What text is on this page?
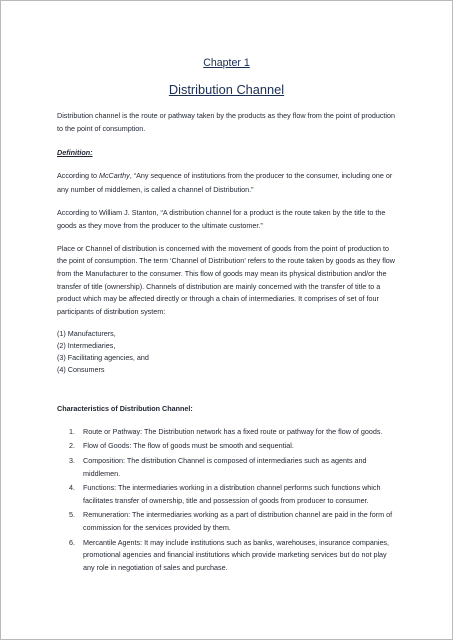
Chapter 1
Distribution Channel

Distribution channel is the route or pathway taken by the products as they flow from the point of production to the point of consumption.

Definition:

According to McCarthy, “Any sequence of institutions from the producer to the consumer, including one or any number of middlemen, is called a channel of Distribution.”

According to William J. Stanton, “A distribution channel for a product is the route taken by the title to the goods as they move from the producer to the ultimate customer.”

Place or Channel of distribution is concerned with the movement of goods from the point of production to the point of consumption. The term ‘Channel of Distribution’ refers to the route taken by goods as they flow from the Manufacturer to the consumer. This flow of goods may mean its physical distribution and/or the transfer of title (ownership). Channels of distribution are mainly concerned with the transfer of title to a product which may be affected directly or through a chain of intermediaries. It comprises of set of four participants of distribution system:

(1) Manufacturers,
(2) Intermediaries,
(3) Facilitating agencies, and
(4) Consumers

Characteristics of Distribution Channel:

1. Route or Pathway: The Distribution network has a fixed route or pathway for the flow of goods.
2. Flow of Goods: The flow of goods must be smooth and sequential.
3. Composition: The distribution Channel is composed of intermediaries such as agents and middlemen.
4. Functions: The intermediaries working in a distribution channel performs such functions which facilitates transfer of ownership, title and possession of goods from producer to consumer.
5. Remuneration: The intermediaries working as a part of distribution channel are paid in the form of commission for the services provided by them.
6. Mercantile Agents: It may include institutions such as banks, warehouses, insurance companies, promotional agencies and financial institutions which provide marketing services but do not play any role in negotiation of sales and purchase.
